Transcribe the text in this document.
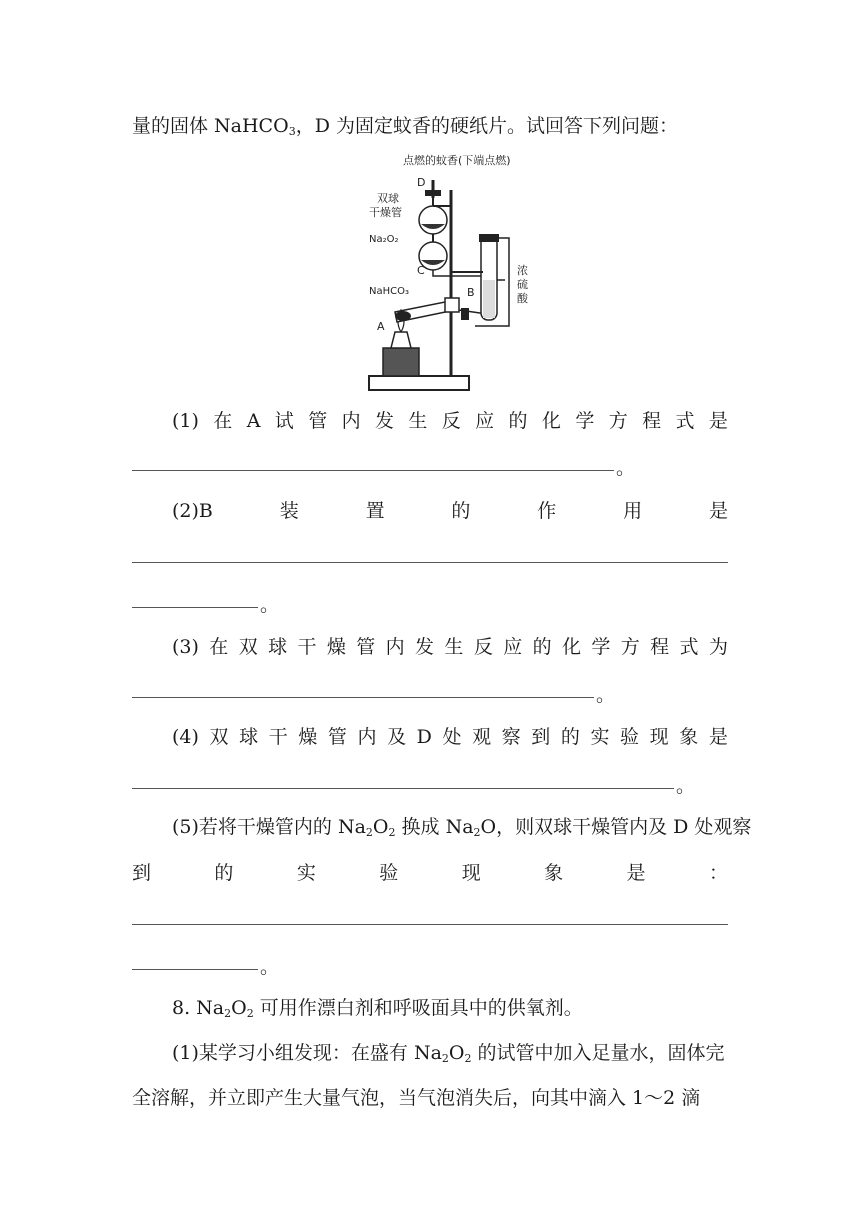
量的固体 NaHCO$_3$，D 为固定蚊香的硬纸片。试回答下列问题：
点燃的蚊香(下端点燃)
D
双球
干燥管
Na₂O₂
C
NaHCO₃
A
B
浓
硫
酸
(1) 在 A 试 管 内 发 生 反 应 的 化 学 方 程 式 是
。
(2)B	装	置	的	作	用	是
。
(3) 在 双 球 干 燥 管 内 发 生 反 应 的 化 学 方 程 式 为
。
(4) 双 球 干 燥 管 内 及 D 处 观 察 到 的 实 验 现 象 是
。
(5)若将干燥管内的 $Na_2O_2$ 换成 $Na_2O$，则双球干燥管内及 D 处观察
到	的	实	验	现	象	是	：
。
8. $Na_2O_2$ 可用作漂白剂和呼吸面具中的供氧剂。
(1)某学习小组发现：在盛有 $Na_2O_2$ 的试管中加入足量水，固体完
全溶解，并立即产生大量气泡，当气泡消失后，向其中滴入 1～2 滴
